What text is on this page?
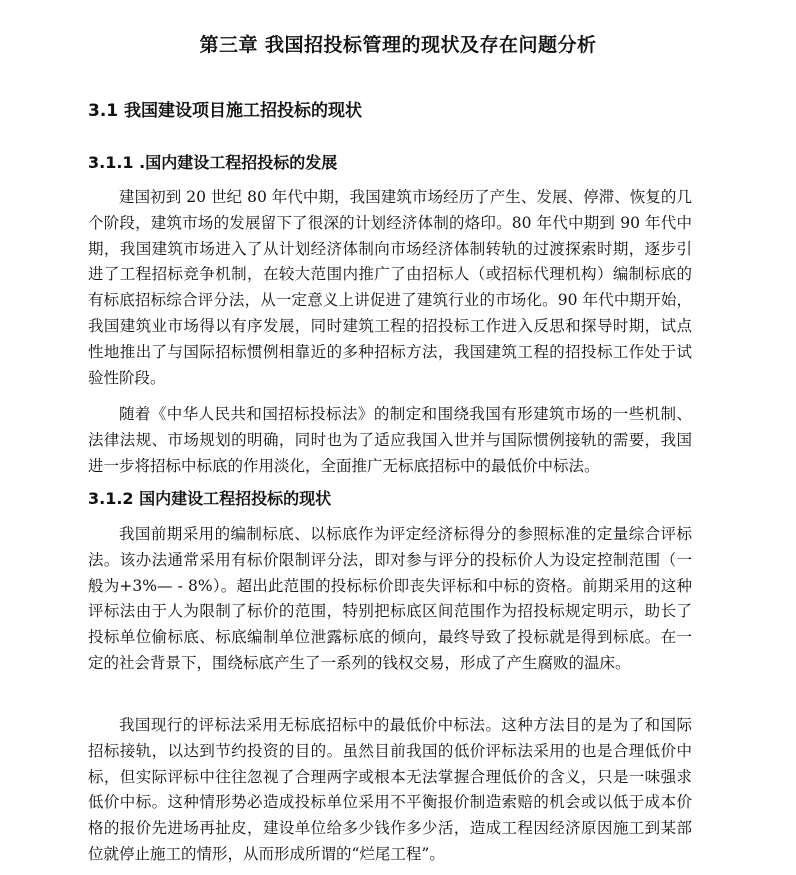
第三章 我国招投标管理的现状及存在问题分析
3.1 我国建设项目施工招投标的现状
3.1.1 .国内建设工程招投标的发展

建国初到 20 世纪 80 年代中期，我国建筑市场经历了产生、发展、停滞、恢复的几个阶段，建筑市场的发展留下了很深的计划经济体制的烙印。80 年代中期到 90 年代中期，我国建筑市场进入了从计划经济体制向市场经济体制转轨的过渡探索时期，逐步引进了工程招标竞争机制，在较大范围内推广了由招标人（或招标代理机构）编制标底的有标底招标综合评分法，从一定意义上讲促进了建筑行业的市场化。90 年代中期开始，我国建筑业市场得以有序发展，同时建筑工程的招投标工作进入反思和探导时期，试点性地推出了与国际招标惯例相靠近的多种招标方法，我国建筑工程的招投标工作处于试验性阶段。

随着《中华人民共和国招标投标法》的制定和围绕我国有形建筑市场的一些机制、法律法规、市场规划的明确，同时也为了适应我国入世并与国际惯例接轨的需要，我国进一步将招标中标底的作用淡化，全面推广无标底招标中的最低价中标法。

3.1.2 国内建设工程招投标的现状

我国前期采用的编制标底、以标底作为评定经济标得分的参照标准的定量综合评标法。该办法通常采用有标价限制评分法，即对参与评分的投标价人为设定控制范围（一般为+3%— - 8%）。超出此范围的投标标价即丧失评标和中标的资格。前期采用的这种评标法由于人为限制了标价的范围，特别把标底区间范围作为招投标规定明示，助长了投标单位偷标底、标底编制单位泄露标底的倾向，最终导致了投标就是得到标底。在一定的社会背景下，围绕标底产生了一系列的钱权交易，形成了产生腐败的温床。

我国现行的评标法采用无标底招标中的最低价中标法。这种方法目的是为了和国际招标接轨，以达到节约投资的目的。虽然目前我国的低价评标法采用的也是合理低价中标，但实际评标中往往忽视了合理两字或根本无法掌握合理低价的含义，只是一味强求低价中标。这种情形势必造成投标单位采用不平衡报价制造索赔的机会或以低于成本价格的报价先进场再扯皮，建设单位给多少钱作多少活，造成工程因经济原因施工到某部位就停止施工的情形，从而形成所谓的“烂尾工程”。
